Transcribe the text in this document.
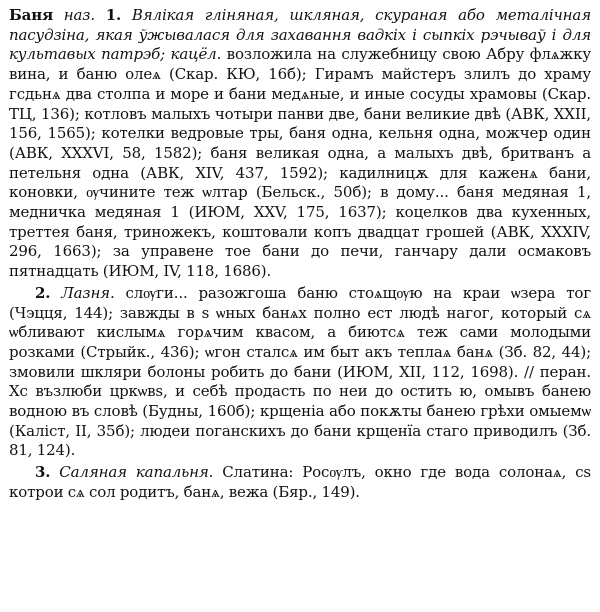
Баня наз. 1. Вялікая гліняная, шкляная, скураная або металічная пасудзіна, якая ўжывалася для захавання вадкіх і сыпкіх рэчываў і для культавых патрэб; кацёл. возложила на служебницу свою Абру флѧжку вина, и баню олеѧ (Скар. КЮ, 16б); Гирамъ майстеръ злилъ до храму гсдьнѧ два столпа и море и бани медѧные, и иные сосуды храмовы (Скар. ТЦ, 136); котловъ малыхъ чотыри панви две, бани великие двѣ (АВК, XXII, 156, 1565); котелки ведровые тры, баня одна, кельня одна, можчер один (АВК, XXXVI, 58, 1582); баня великая одна, а малыхъ двѣ, бритванъ а петельня одна (АВК, XIV, 437, 1592); кадилницѫ для каженѧ бани, коновки, ѹчините теж ѡлтар (Бельск., 50б); в дому... баня медяная 1, медничка медяная 1 (ИЮМ, XXV, 175, 1637); коцелков два кухенных, треттея баня, триножекъ, коштовали копъ двадцат грошей (АВК, XXXIV, 296, 1663); за управене тое бани до печи, ганчару дали осмаковъ пятнадцать (ИЮМ, IV, 118, 1686).

2. Лазня. слѹги... разожгоша баню стоѧщѹю на краи ѡзера тог (Чэцця, 144); завжды в ѕ ѡных банѧх полно ест людѣ нагог, который сѧ ѡбливают кислымѧ горѧчим квасом, а биютсѧ теж сами молодыми розками (Стрыйк., 436); ѡгон сталсѧ им быт акъ теплаѧ банѧ (Зб. 82, 44); змовили шкляри болоны робить до бани (ИЮМ, XII, 112, 1698). // перан. Хс възлюби цркѡвѕ, и себѣ продасть по неи до остить ю, омывъ банею водною въ словѣ (Будны, 160б); крщеніа або покѫты банею грѣхи омыемѡ (Каліст, II, 35б); людеи поганскихъ до бани крщенїа стаго приводилъ (Зб. 81, 124).

3. Саляная капальня. Слатина: Росѹлъ, окно где вода солонаѧ, сѕ котрои сѧ сол родитъ, банѧ, вежа (Бяр., 149).
